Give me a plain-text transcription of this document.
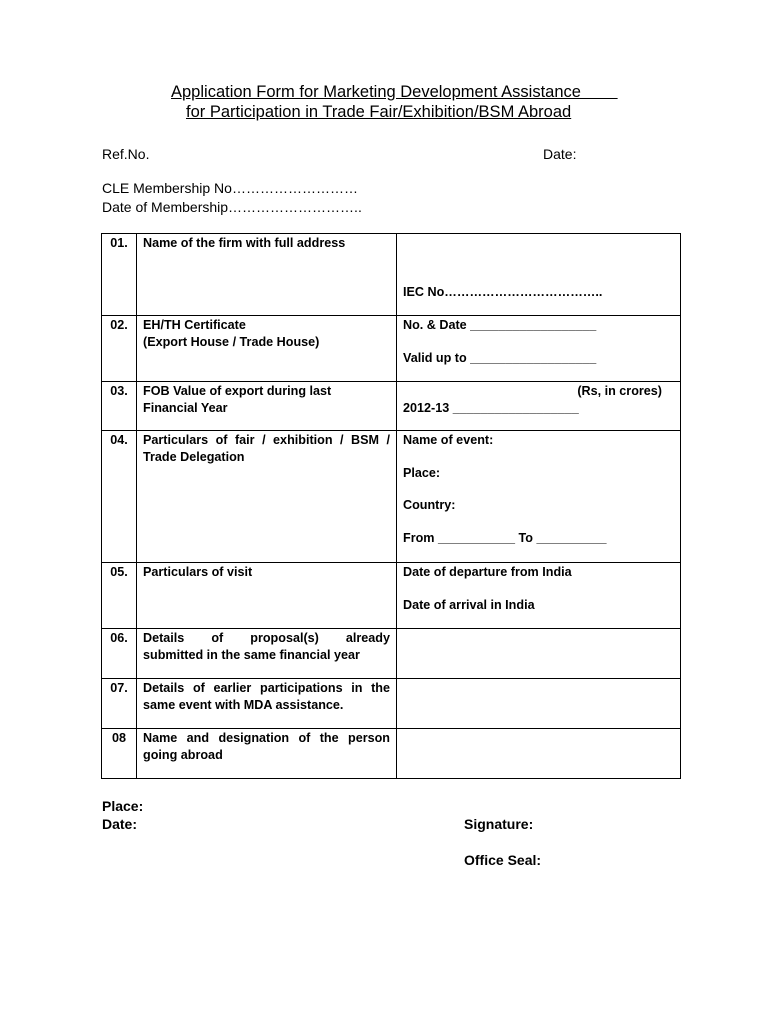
Application Form for Marketing Development Assistance
for Participation in Trade Fair/Exhibition/BSM Abroad
Ref.No.	Date:
CLE Membership No………………………
Date of Membership………………………..
01.	Name of the firm with full address	IEC No………………………………..

02.	EH/TH Certificate
(Export House / Trade House)	No. & Date __________________
Valid up to __________________

03.	FOB Value of export during last
Financial Year	(Rs, in crores)
2012-13 __________________

04.	Particulars of fair / exhibition / BSM /
Trade Delegation	Name of event:
Place:
Country:
From ___________ To __________

05.	Particulars of visit	Date of departure from India
Date of arrival in India

06.	Details of proposal(s) already
submitted in the same financial year	

07.	Details of earlier participations in the
same event with MDA assistance.	

08	Name and designation of the person
going abroad	

Place:
Date:	Signature:
Office Seal:
